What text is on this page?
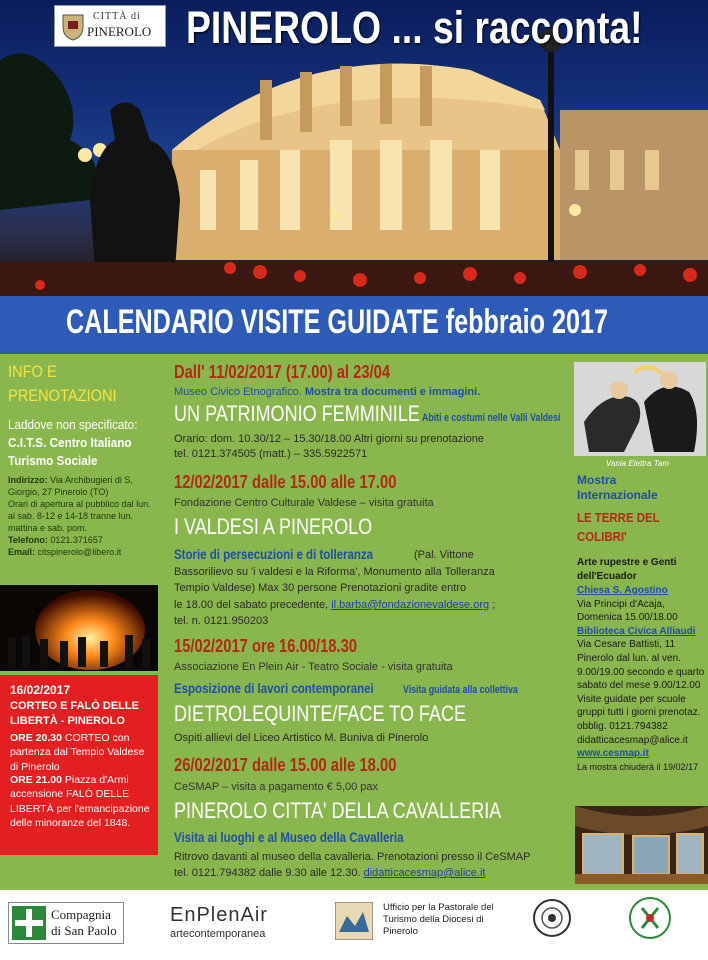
CITTÀ di
PINEROLO PINEROLO ... si racconta!
CALENDARIO VISITE GUIDATE febbraio 2017
INFO E PRENOTAZIONI
Laddove non specificato:
C.I.T.S. Centro Italiano Turismo Sociale
Indirizzo: Via Archibugieri di S, Giorgio, 27 Pinerolo (TO)
Orari di apertura al pubblico dal lun. al sab. 8-12 e 14-18 tranne lun. mattina e sab. pom.
Telefono: 0121.371657
Email: citspinerolo@libero.it
16/02/2017
CORTEO E FALÒ DELLE LIBERTÀ - PINEROLO
ORE 20.30 CORTEO con partenza dal Tempio Valdese di Pinerolo
ORE 21.00 Piazza d'Armi accensione FALÒ DELLE LIBERTÀ per l'emancipazione delle minoranze del 1848.
Dall' 11/02/2017 (17.00) al 23/04
Museo Civico Etnografico. Mostra tra documenti e immagini.
UN PATRIMONIO FEMMINILE Abiti e costumi nelle Valli Valdesi
Orario: dom. 10.30/12 – 15.30/18.00 Altri giorni su prenotazione
tel. 0121.374505 (matt.) – 335.5922571
12/02/2017 dalle 15.00 alle 17.00
Fondazione Centro Culturale Valdese – visita gratuita
I VALDESI A PINEROLO
Storie di persecuzioni e di tolleranza	(Pal. Vittone
Bassorilievo su 'i valdesi e la Riforma', Monumento alla Tolleranza
Tempio Valdese) Max 30 persone Prenotazioni gradite entro
le 18.00 del sabato precedente, il.barba@fondazionevaldese.org ;
tel. n. 0121.950203
15/02/2017 ore 16.00/18.30
Associazione En Plein Air - Teatro Sociale - visita gratuita
Esposizione di lavori contemporanei	Visita guidata alla collettiva
DIETROLEQUINTE/FACE TO FACE
Ospiti allievi del Liceo Artistico M. Buniva di Pinerolo
26/02/2017 dalle 15.00 alle 18.00
CeSMAP – visita a pagamento € 5,00 pax
PINEROLO CITTA' DELLA CAVALLERIA
Visita ai luoghi e al Museo della Cavalleria
Ritrovo davanti al museo della cavalleria. Prenotazioni presso il CeSMAP
tel. 0121.794382 dalle 9.30 alle 12.30. didatticacesmap@alice.it
Vania Elettra Tam
Mostra Internazionale
LE TERRE DEL COLIBRI'
Arte rupestre e Genti dell'Ecuador
Chiesa S. Agostino
Via Principi d'Acaja, Domenica 15.00/18.00
Biblioteca Civica Alliaudi
Via Cesare Battisti, 11 Pinerolo dal lun. al ven. 9.00/19.00 secondo e quarto sabato del mese 9.00/12.00 Visite guidate per scuole gruppi tutti i giorni prenotaz. obblig. 0121.794382 didatticacesmap@alice.it
www.cesmap.it
La mostra chiuderà il 19/02/17
Compagnia
di San Paolo
EnPlenAir
artecontemporanea
Ufficio per la Pastorale del Turismo della Diocesi di Pinerolo
